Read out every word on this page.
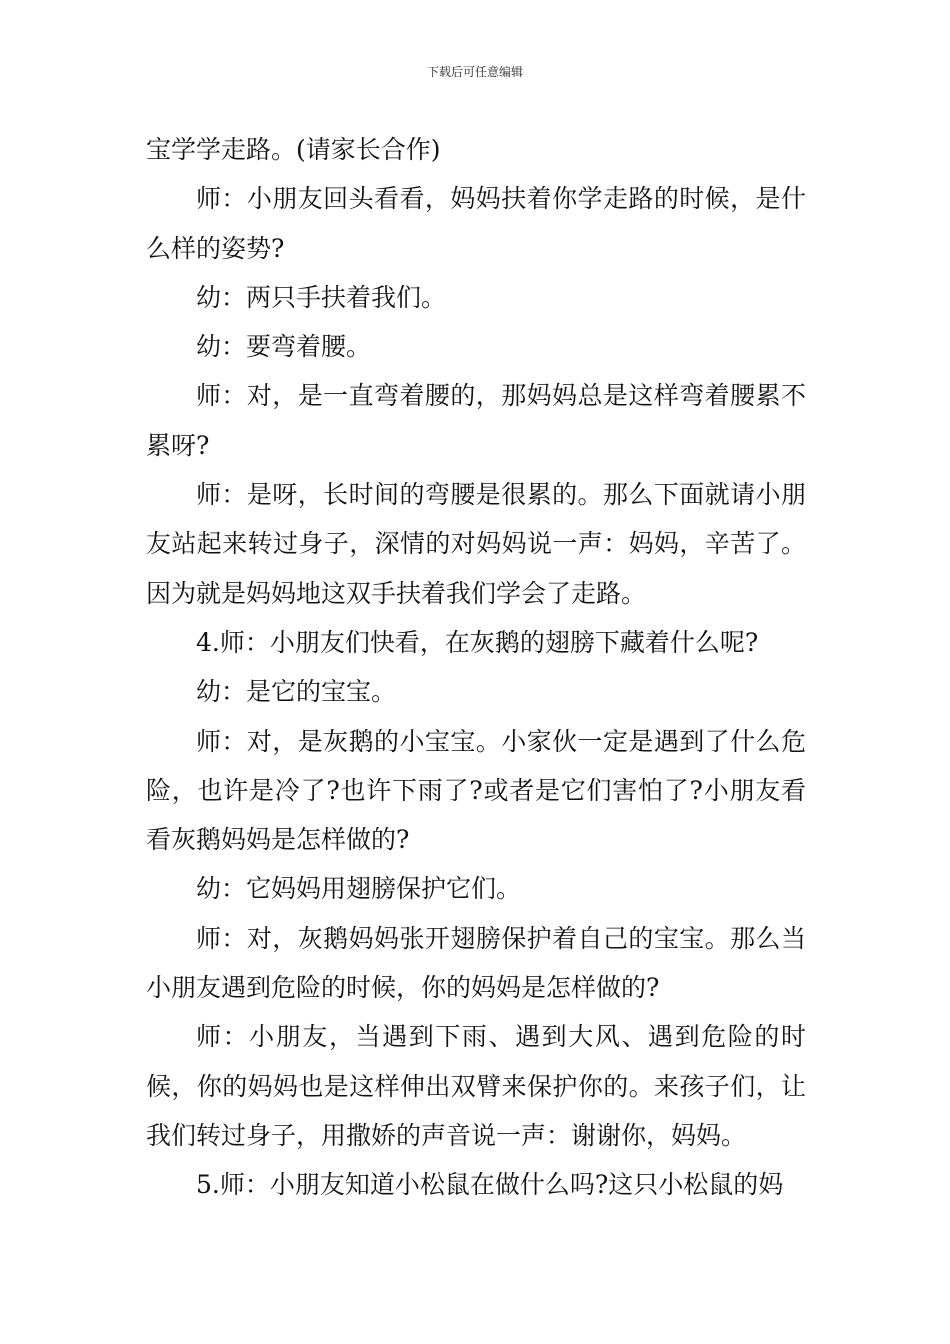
下载后可任意编辑

宝学学走路。(请家长合作)

师：小朋友回头看看，妈妈扶着你学走路的时候，是什么样的姿势?

幼：两只手扶着我们。

幼：要弯着腰。

师：对，是一直弯着腰的，那妈妈总是这样弯着腰累不累呀?

师：是呀，长时间的弯腰是很累的。那么下面就请小朋友站起来转过身子，深情的对妈妈说一声：妈妈，辛苦了。因为就是妈妈地这双手扶着我们学会了走路。

4.师：小朋友们快看，在灰鹅的翅膀下藏着什么呢?

幼：是它的宝宝。

师：对，是灰鹅的小宝宝。小家伙一定是遇到了什么危险，也许是冷了?也许下雨了?或者是它们害怕了?小朋友看看灰鹅妈妈是怎样做的?

幼：它妈妈用翅膀保护它们。

师：对，灰鹅妈妈张开翅膀保护着自己的宝宝。那么当小朋友遇到危险的时候，你的妈妈是怎样做的?

师：小朋友，当遇到下雨、遇到大风、遇到危险的时候，你的妈妈也是这样伸出双臂来保护你的。来孩子们，让我们转过身子，用撒娇的声音说一声：谢谢你，妈妈。

5.师：小朋友知道小松鼠在做什么吗?这只小松鼠的妈
